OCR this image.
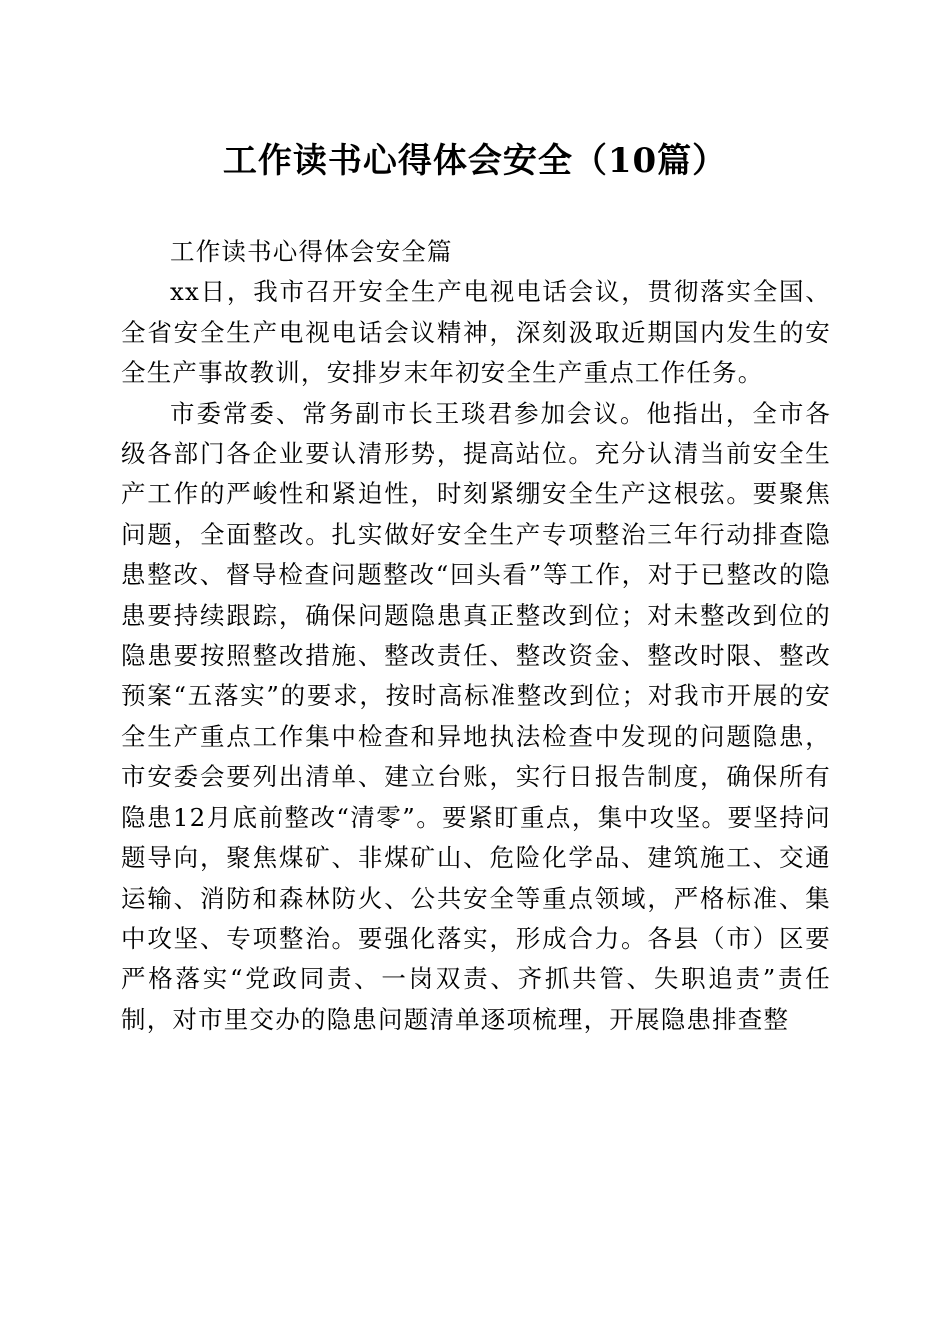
工作读书心得体会安全（10篇）

工作读书心得体会安全篇

xx日，我市召开安全生产电视电话会议，贯彻落实全国、全省安全生产电视电话会议精神，深刻汲取近期国内发生的安全生产事故教训，安排岁末年初安全生产重点工作任务。

市委常委、常务副市长王琰君参加会议。他指出，全市各级各部门各企业要认清形势，提高站位。充分认清当前安全生产工作的严峻性和紧迫性，时刻紧绷安全生产这根弦。要聚焦问题，全面整改。扎实做好安全生产专项整治三年行动排查隐患整改、督导检查问题整改“回头看”等工作，对于已整改的隐患要持续跟踪，确保问题隐患真正整改到位；对未整改到位的隐患要按照整改措施、整改责任、整改资金、整改时限、整改预案“五落实”的要求，按时高标准整改到位；对我市开展的安全生产重点工作集中检查和异地执法检查中发现的问题隐患，市安委会要列出清单、建立台账，实行日报告制度，确保所有隐患12月底前整改“清零”。要紧盯重点，集中攻坚。要坚持问题导向，聚焦煤矿、非煤矿山、危险化学品、建筑施工、交通运输、消防和森林防火、公共安全等重点领域，严格标准、集中攻坚、专项整治。要强化落实，形成合力。各县（市）区要严格落实“党政同责、一岗双责、齐抓共管、失职追责”责任制，对市里交办的隐患问题清单逐项梳理，开展隐患排查整
